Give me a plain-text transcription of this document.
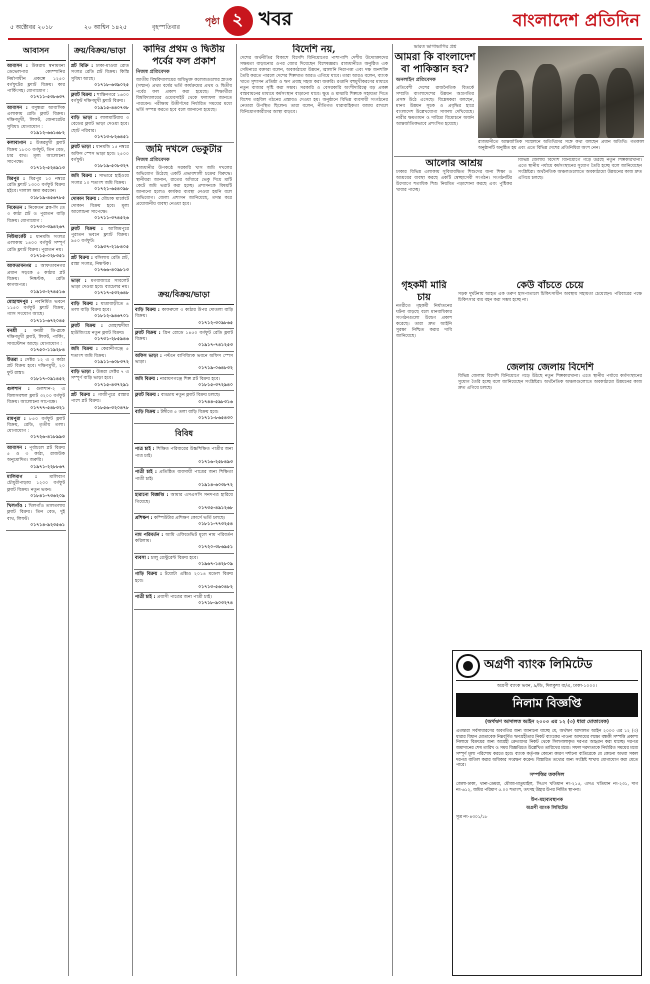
৫ অক্টোবর ২০১৮	২০ আশ্বিন ১৪২৫	বৃহস্পতিবার
পৃষ্ঠা ২ খবর	বাংলাদেশ প্রতিদিন
আবাসন
আবাসন : উত্তরায় স্বনামধন্য ডেভেলপার কোম্পানির নির্মাণাধীন প্রকল্পে ১২৫০ বর্গফুটের ফ্ল্যাট বিক্রয়। কার পার্কিংসহ। যোগাযোগ :
০১৭১১-৫৩৮৬৩৭
আবাসন : বসুন্ধরা আবাসিক এলাকায় রেডি ফ্ল্যাট বিক্রয়। দক্ষিণমুখী, লিফট, জেনারেটর সুবিধা। যোগাযোগ :
০১৯১২-৬৬১৬৮২
কলাবাগান : উত্তরমুখী ফ্ল্যাট বিক্রয় ১৮০০ বর্গফুট, তিন বেড, চার বাথ। মূল্য আলোচনা সাপেক্ষে।
০১৭১২-৫২৪৯১৩
মিরপুর : মিরপুর ১০ নম্বরে রেডি ফ্ল্যাট ১৩০০ বর্গফুট বিক্রয় হইবে। দালাল ক্ষমা করবেন।
০১৮১৯-৪৫৬৭৮৫
নিকেতন : নিকেতন ব্লক-সি তে ৩ কাঠা প্লট ও পুরাতন বাড়ি বিক্রয়। যোগাযোগ :
০১৭৩০-৩৯৪২৬৭
নিউমার্কেট : ধানমন্ডি সংলগ্ন এলাকায় ১৪০০ বর্গফুট সম্পূর্ণ রেডি ফ্ল্যাট বিক্রয়। পুরাতন নয়।
০১৭১৫-০২৮৩৫১
আফতাবনগর : আফতাবনগর প্রধান সড়কে ৫ কাঠার প্লট বিক্রয়। নিষ্কণ্টক, রেডি কাগজপত্র।
০১৯১৩-২৭৪৫১৬
মোহাম্মদপুর : নবনির্মিত ভবনে ১১৫০ বর্গফুট ফ্ল্যাট বিক্রয়, গ্যাস সংযোগ আছে।
০১৭১১-৬৭২০৪৫
বনশ্রী : বনশ্রী ডি-ব্লকে দক্ষিণমুখী ফ্ল্যাট, লিফট, পার্কিং, সাবস্টেশন আছে। যোগাযোগ :
০১৭৫০-১১৯২৮৪
উত্তরা : সেক্টর ১২ এ ৩ কাঠা প্লট বিক্রয় হবে। দক্ষিণমুখী, ২০ ফুট রাস্তা।
০১৮১৭-০৯১৪৫২
গুলশান : গুলশান-২ এ বিলাসবহুল ফ্ল্যাট ৩২০০ বর্গফুট বিক্রয়। আলোচনা সাপেক্ষে।
০১৭৭৭-৫৪৮৩২১
রামপুরা : ৮৫০ বর্গফুট ফ্ল্যাট বিক্রয়, রেডি, তৃতীয় তলা। যোগাযোগ :
০১৭২৬-৪১৮৯৯৩
আবাসন : পূর্বাচলে প্লট বিক্রয় ৫ ও ৩ কাঠা, রাজউক অনুমোদিত। জরুরি।
০১৯৭১-২২৮৮৬৭
মালিবাগ : মালিবাগ চৌধুরীপাড়ায় ১২০০ বর্গফুট ফ্ল্যাট বিক্রয়। নতুন ভবন।
০১৮৪১-৭৩৬২০৯
খিলগাঁও : খিলগাঁও তালতলায় ফ্ল্যাট বিক্রয়। তিন বেড, দুই বাথ, লিফট।
০১৭১৪-৯২৩৫৬১
ক্রয়/বিক্রয়/ভাড়া
প্লট বিক্রি : ঢাকা-মাওয়া রোড সংলগ্ন রেডি প্লট বিক্রয়। কিস্তি সুবিধা আছে।
০১৭১৮-৬৩৯০২৫
ফ্ল্যাট বিক্রয় : শান্তিনগরে ১৬০০ বর্গফুট দক্ষিণমুখী ফ্ল্যাট বিক্রয়।
০১৯১৫-৪৪০৭৩৮
বাড়ি ভাড়া : লালমাটিয়ায় ৩ বেডের ফ্ল্যাট ভাড়া দেওয়া হবে। ছোট পরিবার।
০১৭১৩-৮২৬৪৫১
ফ্ল্যাট ভাড়া : ধানমন্ডি ১৫ নম্বরে অফিস স্পেস ভাড়া হবে। ২৫০০ বর্গফুট।
০১৮১৯-৫০৮৩২৭
জমি বিক্রয় : সাভারে হাইওয়ে সংলগ্ন ১০ শতাংশ জমি বিক্রয়।
০১৭২১-৬৫৪০৯৮
দোকান বিক্রয় : মৌচাক মার্কেটে দোকান বিক্রয় হবে। মূল্য আলোচনা সাপেক্ষে।
০১৭১১-৩৭৪৫২৬
ফ্ল্যাট বিক্রয় : আজিমপুরে পুরাতন ভবনে ফ্ল্যাট বিক্রয়। ৯৫০ বর্গফুট।
০১৯৩৭-২১৮৪০৫
প্লট বিক্রয় : বসিলায় রেডি প্লট, রাস্তা সংলগ্ন, নিষ্কণ্টক।
০১৭৬৬-৪০৯৮১৩
ভাড়া : মগবাজারে সাবলেট ভাড়া দেওয়া হবে। ব্যাচেলর নয়।
০১৭১৭-৫৩২৬৪৮
বাড়ি বিক্রয় : যাত্রাবাড়ীতে ৪ তলা বাড়ি বিক্রয় হবে।
০১৮১২-৯৪৬৭০১
ফ্ল্যাট বিক্রয় : মোহাম্মদীয়া হাউজিংয়ে নতুন ফ্ল্যাট বিক্রয়।
০১৭৩১-২৮৫৯৪৬
জমি বিক্রয় : কেরানীগঞ্জে ৫ শতাংশ জমি বিক্রয়।
০১৯১১-৬০৮৩৭২
বাড়ি ভাড়া : উত্তরা সেক্টর ৭ এ সম্পূর্ণ বাড়ি ভাড়া হবে।
০১৭১৫-৪৩৭২৯১
প্লট বিক্রয় : গাজীপুরে রাস্তার পাশে প্লট বিক্রয়।
০১৮৫৬-৩২০৪৭৮
কাদির প্রথম ও দ্বিতীয় পর্বের ফল প্রকাশ
নিজস্ব প্রতিবেদক
জাতীয় বিশ্ববিদ্যালয়ের অধিভুক্ত কলেজগুলোর স্নাতক (সম্মান) প্রথম বর্ষের ভর্তি কার্যক্রমের প্রথম ও দ্বিতীয় পর্বের ফল প্রকাশ করা হয়েছে। শিক্ষার্থীরা বিশ্ববিদ্যালয়ের ওয়েবসাইট থেকে ফলাফল জানতে পারবেন। পরীক্ষায় উত্তীর্ণদের নির্ধারিত সময়ের মধ্যে ভর্তি সম্পন্ন করতে হবে বলে জানানো হয়েছে।
জমি দখলে ভেকুটার
নিজস্ব প্রতিবেদক
রাজধানীর উপকণ্ঠে সরকারি খাস জমি দখলের অভিযোগ উঠেছে একটি প্রভাবশালী চক্রের বিরুদ্ধে। স্থানীয়রা জানান, রাতের আঁধারে ভেকু দিয়ে মাটি কেটে জমি ভরাট করা হচ্ছে। প্রশাসনকে বিষয়টি জানানো হলেও কার্যকর ব্যবস্থা নেওয়া হয়নি বলে অভিযোগ। জেলা প্রশাসন জানিয়েছে, তদন্ত করে প্রয়োজনীয় ব্যবস্থা নেওয়া হবে।
ক্রয়/বিক্রয়/ভাড়া
বাড়ি বিক্রয় : কাফরুলে ৩ কাঠার উপর দোতলা বাড়ি বিক্রয়।
০১৭১২-৩০৯৮৬৫
ফ্ল্যাট বিক্রয় : গ্রিন রোডে ১৪৫০ বর্গফুট রেডি ফ্ল্যাট বিক্রয়।
০১৯১৭-৭৪১২৫৩
অফিস ভাড়া : পল্টনে বাণিজ্যিক ভবনে অফিস স্পেস ভাড়া।
০১৭১৯-০৬৪৮৩২
জমি বিক্রয় : নারায়ণগঞ্জে শিল্প প্লট বিক্রয় হবে।
০১৮১৫-৩৭২৯৪০
ফ্ল্যাট বিক্রয় : বাড্ডায় নতুন ফ্ল্যাট বিক্রয় চলছে।
০১৭৪৪-৫৯৮৩১৬
বাড়ি বিক্রয় : টঙ্গীতে ৫ তলা বাড়ি বিক্রয় হবে।
০১৭১১-৮৬৫৪৩০
বিবিধ
পাত্র চাই : শিক্ষিত পরিবারের উচ্চশিক্ষিত পাত্রীর জন্য পাত্র চাই।
০১৭১৬-২৫৮৪৯৩
পাত্রী চাই : প্রতিষ্ঠিত ব্যবসায়ী পাত্রের জন্য শিক্ষিতা পাত্রী চাই।
০১৯১৪-৬০৩৮৭২
হারানো বিজ্ঞপ্তি : আমার এসএসসি সনদপত্র হারিয়ে গিয়েছে।
০১৭৩৫-৪৯১২৬৮
প্রশিক্ষণ : কম্পিউটার প্রশিক্ষণ কোর্সে ভর্তি চলছে।
০১৮১১-৭৭৩২৫৪
নাম পরিবর্তন : আমি এফিডেভিট মূলে নাম পরিবর্তন করিলাম।
০১৭২০-৩৮৬৯৫১
ব্যবসা : চালু রেস্টুরেন্ট বিক্রয় হবে।
০১৯৬৭-১৪২৮০৯
গাড়ি বিক্রয় : টয়োটা এক্সিও ২০১৪ মডেল বিক্রয় হবে।
০১৭১৩-৫৬০৪৮২
পাত্রী চাই : প্রবাসী পাত্রের জন্য পাত্রী চাই।
০১৭১৮-৯০৩২৭৪
বিদেশি নয়,
দেশের অর্থনীতির বিকাশে বিদেশি বিনিয়োগের পাশাপাশি দেশীয় উদ্যোক্তাদের সক্ষমতা বাড়ানোর ওপর জোর দিয়েছেন বিশেষজ্ঞরা। রাজধানীতে অনুষ্ঠিত এক সেমিনারে বক্তারা বলেন, অবকাঠামো উন্নয়ন, জ্বালানি নিরাপত্তা এবং দক্ষ জনশক্তি তৈরি করতে পারলে দেশের শিল্পখাত আরও এগিয়ে যাবে। তারা আরও বলেন, ব্যাংক খাতে সুশাসন প্রতিষ্ঠা ও ঋণ প্রবাহ সহজ করা জরুরি। রপ্তানি বহুমুখীকরণের মাধ্যমে নতুন বাজার সৃষ্টি করা সম্ভব। সরকারি ও বেসরকারি অংশীদারিত্বে বড় প্রকল্প বাস্তবায়নের মাধ্যমে কর্মসংস্থান বাড়ানো যাবে। ক্ষুদ্র ও মাঝারি শিল্পকে সহায়তা দিতে বিশেষ তহবিল গঠনের প্রস্তাবও দেওয়া হয়। অনুষ্ঠানে বিভিন্ন ব্যবসায়ী সংগঠনের নেতারা উপস্থিত ছিলেন। তারা বলেন, নীতিগত ধারাবাহিকতা বজায় রাখলে বিনিয়োগকারীদের আস্থা বাড়বে।
ভারত ভাগাভাগির প্রশ্ন
আমরা কি বাংলাদেশ বা পাকিস্তান হব?
অনলাইন প্রতিবেদক
প্রতিবেশী দেশের রাজনৈতিক বিতর্কে সম্প্রতি বাংলাদেশের উন্নয়ন অগ্রগতির প্রসঙ্গ উঠে এসেছে। বিশ্লেষকরা বলছেন, মানব উন্নয়ন সূচক ও প্রবৃদ্ধির হারে বাংলাদেশ উল্লেখযোগ্য সাফল্য দেখিয়েছে। নারীর ক্ষমতায়ন ও দারিদ্র্য বিমোচনে অর্জন আন্তর্জাতিকভাবে প্রশংসিত হয়েছে।
রাজধানীতে আন্তর্জাতিক সম্মেলনে অতিথিদের সঙ্গে কথা বলছেন প্রধান অতিথি। গতকাল অনুষ্ঠানটি অনুষ্ঠিত হয় এবং এতে বিভিন্ন দেশের প্রতিনিধিরা অংশ নেন।
আলোর আশ্রয়
ঢাকার বিভিন্ন এলাকায় সুবিধাবঞ্চিত শিশুদের জন্য শিক্ষা ও আশ্রয়ের ব্যবস্থা করছে একটি স্বেচ্ছাসেবী সংগঠন। সংগঠনটির উদ্যোগে শতাধিক শিশু নিয়মিত পড়াশোনা করছে এবং পুষ্টিকর খাবার পাচ্ছে।
বিভিন্ন জেলায় বিদেশি বিনিয়োগে গড়ে উঠছে নতুন শিল্পকারখানা। এতে স্থানীয় পর্যায়ে কর্মসংস্থানের সুযোগ তৈরি হচ্ছে বলে জানিয়েছেন সংশ্লিষ্টরা। অর্থনৈতিক অঞ্চলগুলোতে অবকাঠামো উন্নয়নের কাজ দ্রুত এগিয়ে চলছে।
গৃহকর্মী মারি চায়
নগরীতে গৃহকর্মী নির্যাতনের ঘটনা বাড়ছে বলে মানবাধিকার সংগঠনগুলো উদ্বেগ প্রকাশ করেছে। তারা দ্রুত আইনি সুরক্ষা নিশ্চিত করার দাবি জানিয়েছে।
কেউ বাঁচতে চেয়ে
সড়ক দুর্ঘটনায় আহত এক তরুণ হাসপাতালে চিকিৎসাধীন অবস্থায় সহায়তা চেয়েছেন। পরিবারের পক্ষে চিকিৎসার ব্যয় বহন করা সম্ভব হচ্ছে না।
জেলায় জেলায় বিদেশি
বিভিন্ন জেলায় বিদেশি বিনিয়োগে গড়ে উঠছে নতুন শিল্পকারখানা। এতে স্থানীয় পর্যায়ে কর্মসংস্থানের সুযোগ তৈরি হচ্ছে বলে জানিয়েছেন সংশ্লিষ্টরা। অর্থনৈতিক অঞ্চলগুলোতে অবকাঠামো উন্নয়নের কাজ দ্রুত এগিয়ে চলছে।
অগ্রণী ব্যাংক লিমিটেড
অগ্রণী ব্যাংক ভবন, ৯/ডি, দিলকুশা বা/এ, ঢাকা-১০০০।
নিলাম বিজ্ঞপ্তি
(অর্থঋণ আদালত আইন ২০০৩ এর ১২ (৩) ধারা মোতাবেক)
এতদ্বারা সর্বসাধারণের অবগতির জন্য জানানো যাচ্ছে যে, অর্থঋণ আদালত আইন ২০০৩ এর ১২ (৩) ধারার বিধান মোতাবেক নিম্নবর্ণিত ঋণগ্রহীতার নিকট ব্যাংকের পাওনা আদায়ের লক্ষ্যে বন্ধকী সম্পত্তি প্রকাশ্য নিলামে বিক্রয়ের জন্য আগ্রহী ক্রেতাদের নিকট থেকে সিলগালাকৃত দরপত্র আহ্বান করা যাচ্ছে। দরপত্র জমাদানের শেষ তারিখ ও সময় বিজ্ঞপ্তিতে উল্লেখিত তারিখের মধ্যে। সফল দরদাতাকে নির্ধারিত সময়ের মধ্যে সম্পূর্ণ মূল্য পরিশোধ করতে হবে। ব্যাংক কর্তৃপক্ষ কোনো কারণ দর্শানো ব্যতিরেকে যে কোনো অথবা সকল দরপত্র বাতিল করার অধিকার সংরক্ষণ করেন। বিস্তারিত তথ্যের জন্য সংশ্লিষ্ট শাখায় যোগাযোগ করা যেতে পারে।
সম্পত্তির তফসিল
জেলা-ঢাকা, থানা-ডেমরা, মৌজা-মাতুয়াইল, সিএস খতিয়ান নং-২১৫, এসএ খতিয়ান নং-২৩১, দাগ নং-৬১২, জমির পরিমাণ ৫.০০ শতাংশ, তৎসহ উহার উপর নির্মিত স্থাপনা।
উপ-মহাব্যবস্থাপক
অগ্রণী ব্যাংক লিমিটেড
সূত্র নং-৪৩০১/১৮
